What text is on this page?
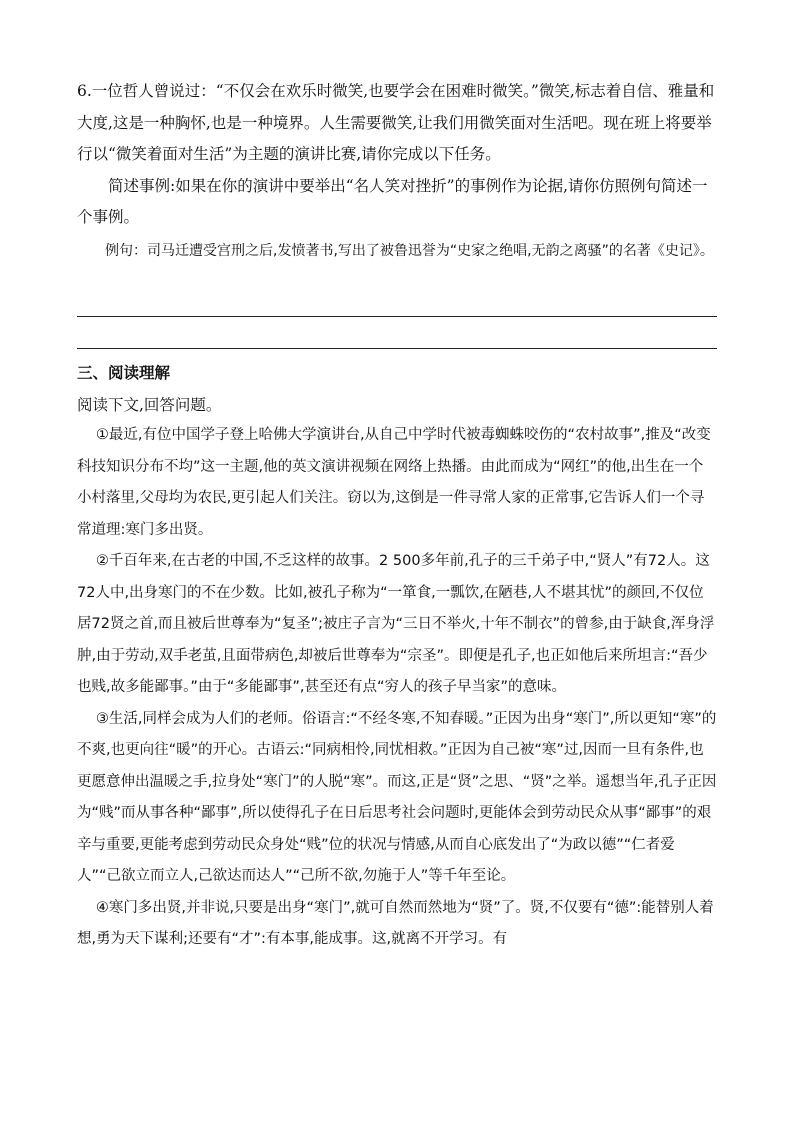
6.一位哲人曾说过：“不仅会在欢乐时微笑,也要学会在困难时微笑。”微笑,标志着自信、雅量和大度,这是一种胸怀,也是一种境界。人生需要微笑,让我们用微笑面对生活吧。现在班上将要举行以“微笑着面对生活”为主题的演讲比赛,请你完成以下任务。

简述事例:如果在你的演讲中要举出“名人笑对挫折”的事例作为论据,请你仿照例句简述一个事例。

例句：司马迁遭受宫刑之后,发愤著书,写出了被鲁迅誉为“史家之绝唱,无韵之离骚”的名著《史记》。

三、阅读理解

阅读下文,回答问题。

①最近,有位中国学子登上哈佛大学演讲台,从自己中学时代被毒蜘蛛咬伤的“农村故事”,推及“改变科技知识分布不均”这一主题,他的英文演讲视频在网络上热播。由此而成为“网红”的他,出生在一个小村落里,父母均为农民,更引起人们关注。窃以为,这倒是一件寻常人家的正常事,它告诉人们一个寻常道理:寒门多出贤。

②千百年来,在古老的中国,不乏这样的故事。2 500多年前,孔子的三千弟子中,“贤人”有72人。这72人中,出身寒门的不在少数。比如,被孔子称为“一箪食,一瓢饮,在陋巷,人不堪其忧”的颜回,不仅位居72贤之首,而且被后世尊奉为“复圣”;被庄子言为“三日不举火,十年不制衣”的曾参,由于缺食,浑身浮肿,由于劳动,双手老茧,且面带病色,却被后世尊奉为“宗圣”。即便是孔子,也正如他后来所坦言:“吾少也贱,故多能鄙事。”由于“多能鄙事”,甚至还有点“穷人的孩子早当家”的意味。

③生活,同样会成为人们的老师。俗语言:“不经冬寒,不知春暖。”正因为出身“寒门”,所以更知“寒”的不爽,也更向往“暖”的开心。古语云:“同病相怜,同忧相救。”正因为自己被“寒”过,因而一旦有条件,也更愿意伸出温暖之手,拉身处“寒门”的人脱“寒”。而这,正是“贤”之思、“贤”之举。遥想当年,孔子正因为“贱”而从事各种“鄙事”,所以使得孔子在日后思考社会问题时,更能体会到劳动民众从事“鄙事”的艰辛与重要,更能考虑到劳动民众身处“贱”位的状况与情感,从而自心底发出了“为政以德”“仁者爱人”“己欲立而立人,己欲达而达人”“己所不欲,勿施于人”等千年至论。

④寒门多出贤,并非说,只要是出身“寒门”,就可自然而然地为“贤”了。贤,不仅要有“德”:能替别人着想,勇为天下谋利;还要有“才”:有本事,能成事。这,就离不开学习。有
